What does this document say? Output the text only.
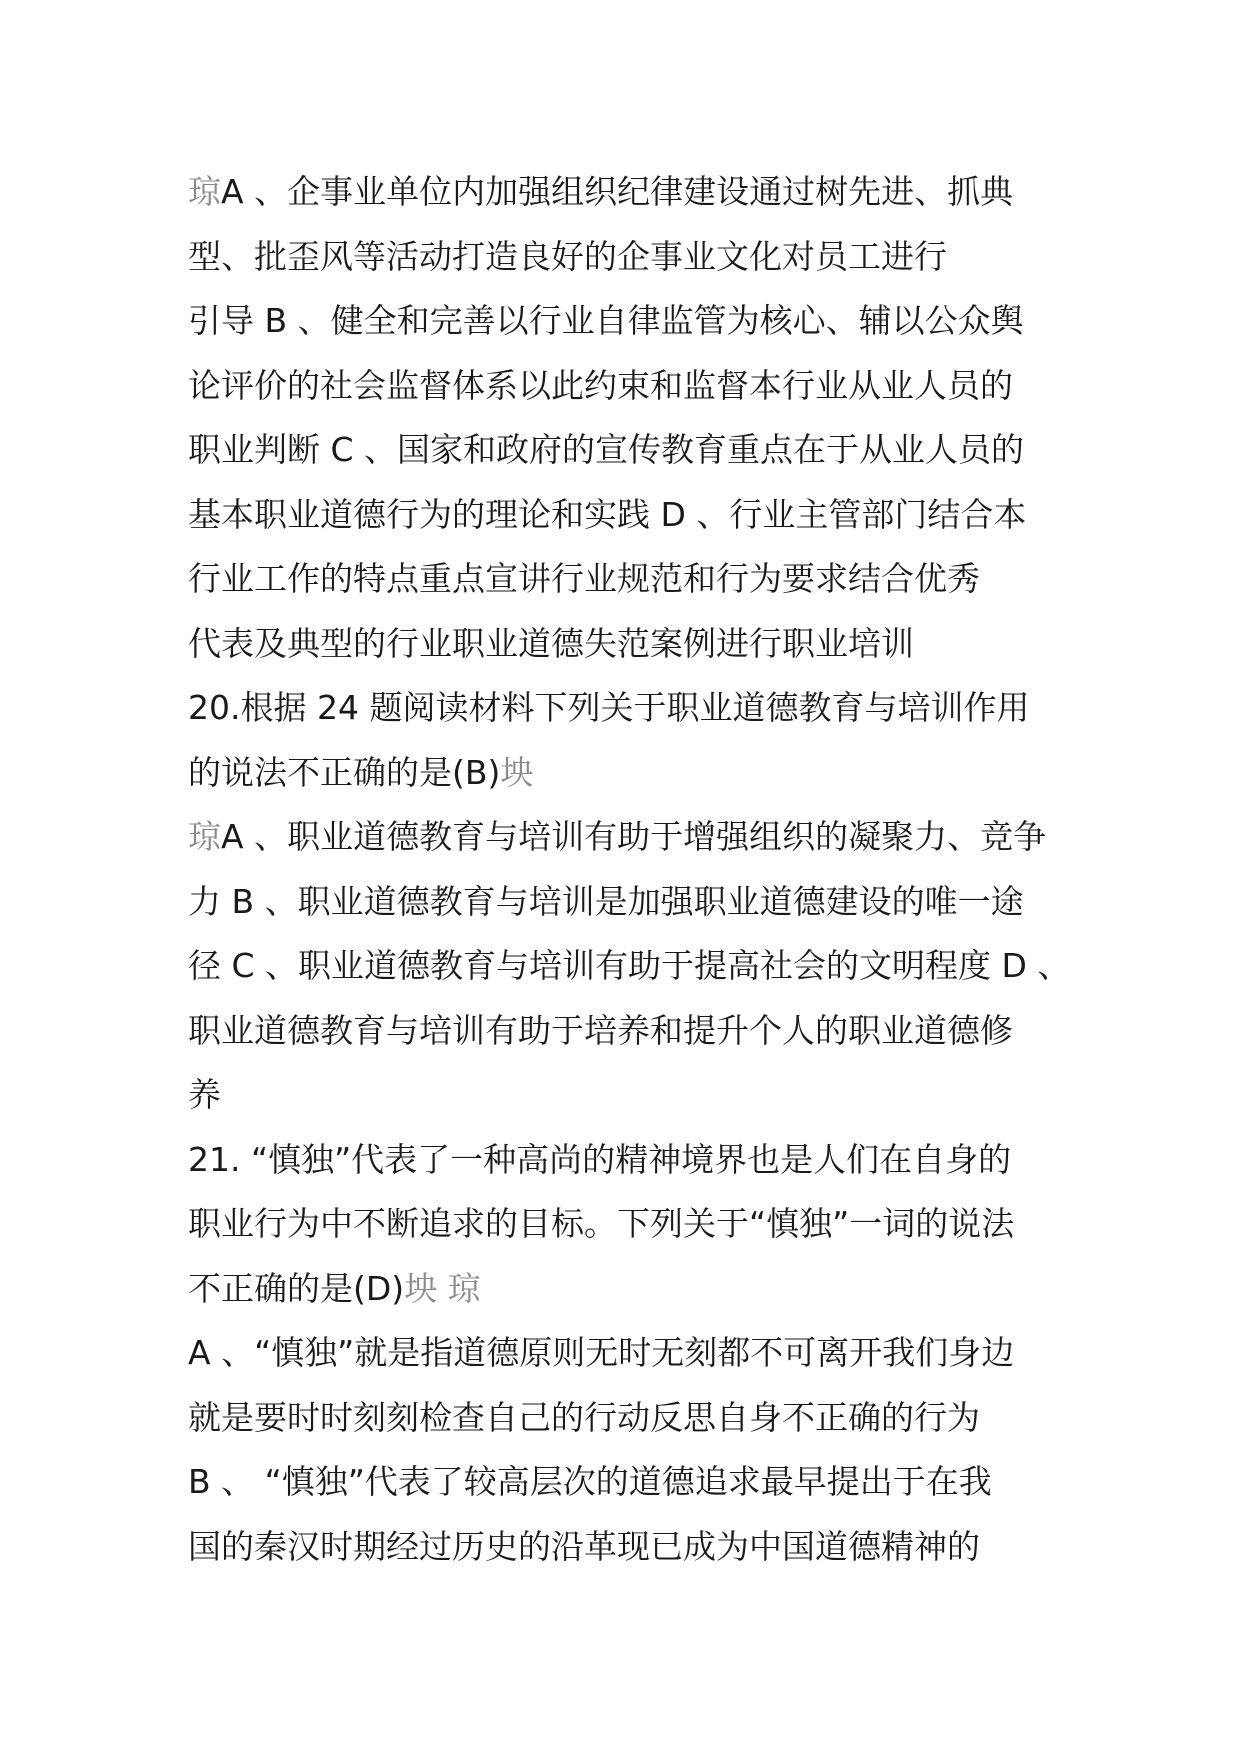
琼A 、企事业单位内加强组织纪律建设通过树先进、抓典
型、批歪风等活动打造良好的企事业文化对员工进行
引导 B 、健全和完善以行业自律监管为核心、辅以公众舆
论评价的社会监督体系以此约束和监督本行业从业人员的
职业判断 C 、国家和政府的宣传教育重点在于从业人员的
基本职业道德行为的理论和实践 D 、行业主管部门结合本
行业工作的特点重点宣讲行业规范和行为要求结合优秀
代表及典型的行业职业道德失范案例进行职业培训
20.根据 24 题阅读材料下列关于职业道德教育与培训作用
的说法不正确的是(B)坱
琼A 、职业道德教育与培训有助于增强组织的凝聚力、竞争
力 B 、职业道德教育与培训是加强职业道德建设的唯一途
径 C 、职业道德教育与培训有助于提高社会的文明程度 D 、
职业道德教育与培训有助于培养和提升个人的职业道德修
养
21. “慎独”代表了一种高尚的精神境界也是人们在自身的
职业行为中不断追求的目标。下列关于“慎独”一词的说法
不正确的是(D)坱 琼
A 、“慎独”就是指道德原则无时无刻都不可离开我们身边
就是要时时刻刻检查自己的行动反思自身不正确的行为
B 、 “慎独”代表了较高层次的道德追求最早提出于在我
国的秦汉时期经过历史的沿革现已成为中国道德精神的
